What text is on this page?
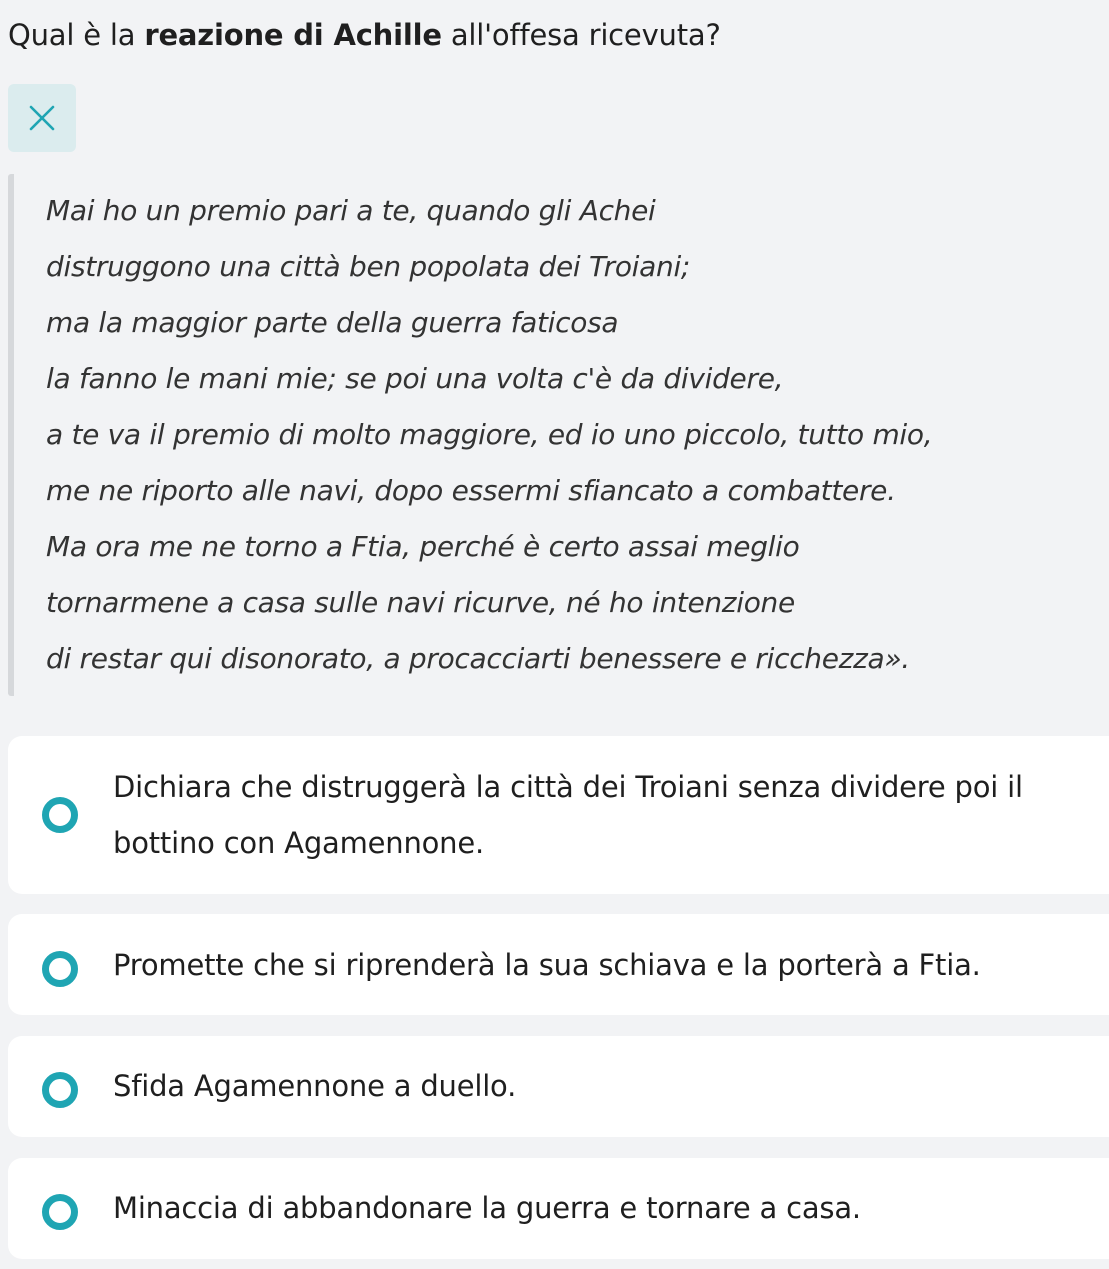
Qual è la reazione di Achille all'offesa ricevuta?
Mai ho un premio pari a te, quando gli Achei
distruggono una città ben popolata dei Troiani;
ma la maggior parte della guerra faticosa
la fanno le mani mie; se poi una volta c'è da dividere,
a te va il premio di molto maggiore, ed io uno piccolo, tutto mio,
me ne riporto alle navi, dopo essermi sfiancato a combattere.
Ma ora me ne torno a Ftia, perché è certo assai meglio
tornarmene a casa sulle navi ricurve, né ho intenzione
di restar qui disonorato, a procacciarti benessere e ricchezza».
Dichiara che distruggerà la città dei Troiani senza dividere poi il bottino con Agamennone.
Promette che si riprenderà la sua schiava e la porterà a Ftia.
Sfida Agamennone a duello.
Minaccia di abbandonare la guerra e tornare a casa.
